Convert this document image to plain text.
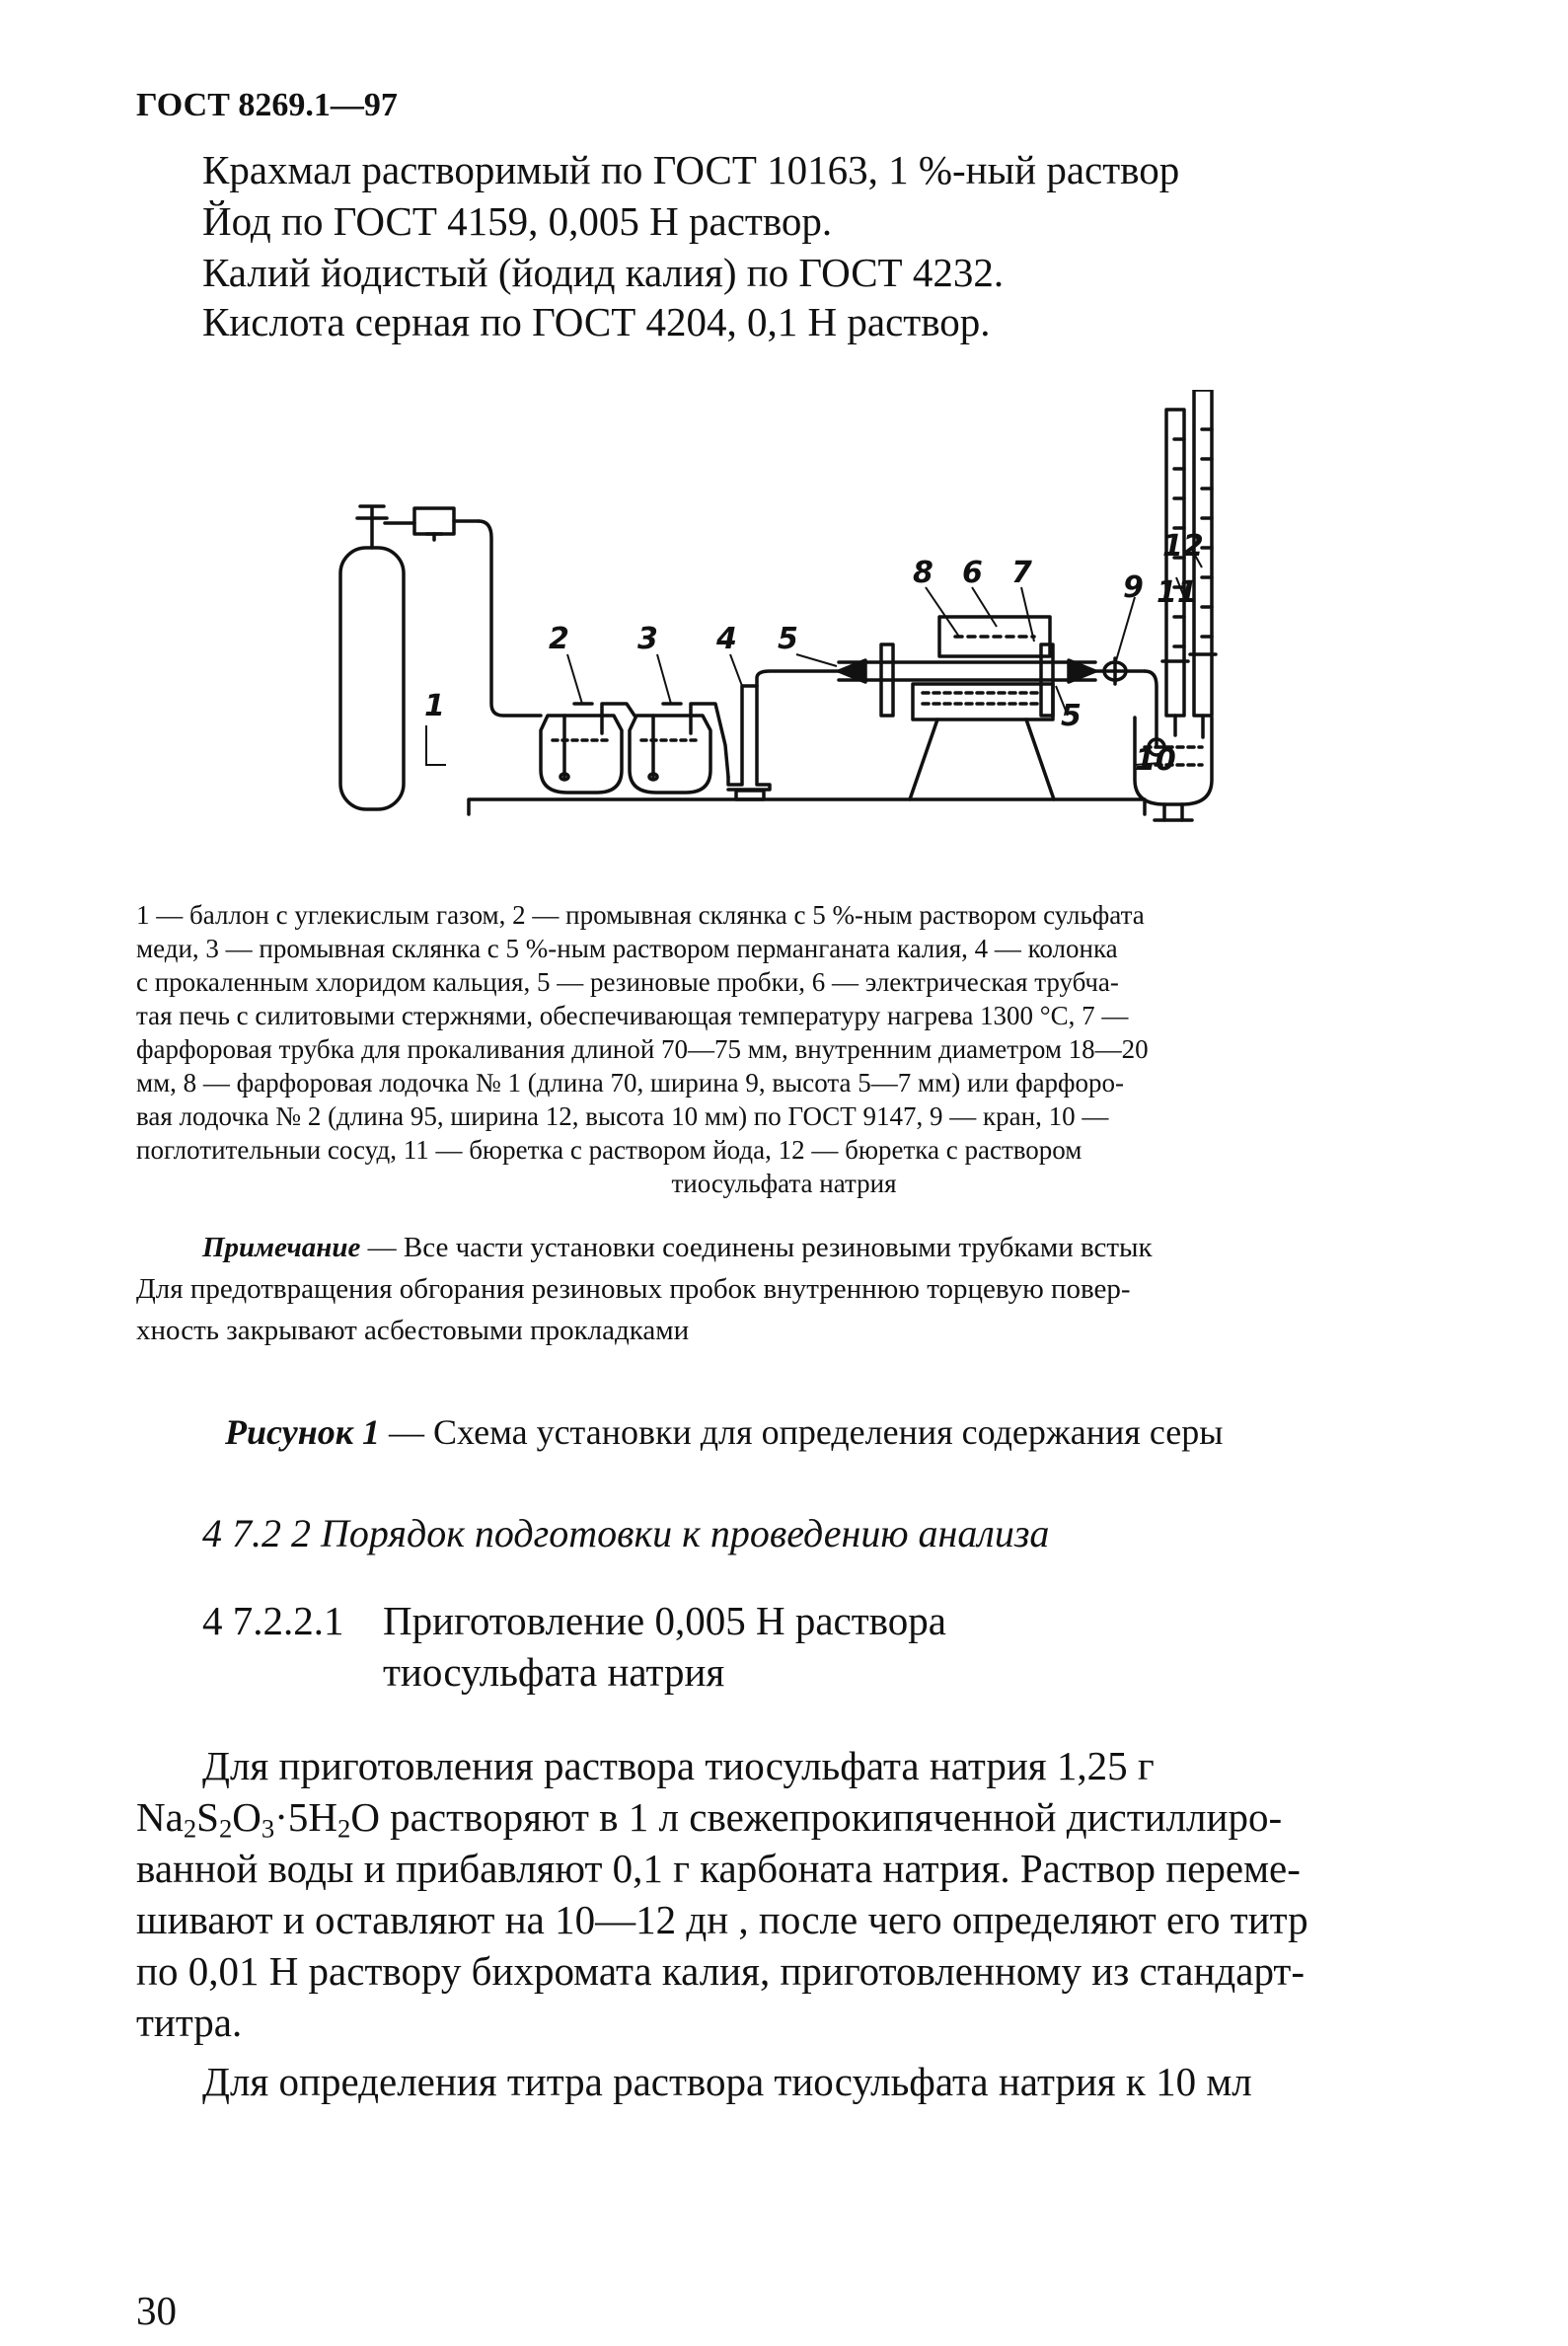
ГОСТ 8269.1—97
Крахмал растворимый по ГОСТ 10163, 1 %-ный раствор
Йод по ГОСТ 4159, 0,005 Н раствор.
Калий йодистый (йодид калия) по ГОСТ 4232.
Кислота серная по ГОСТ 4204, 0,1 Н раствор.
1
2 3 4 5
5
6 7
8	9
10
11
12
1 — баллон с углекислым газом, 2 — промывная склянка с 5 %-ным раствором сульфата
меди, 3 — промывная склянка с 5 %-ным раствором перманганата калия, 4 — колонка
с прокаленным хлоридом кальция, 5 — резиновые пробки, 6 — электрическая трубча-
тая печь с силитовыми стержнями, обеспечивающая температуру нагрева 1300 °С, 7 —
фарфоровая трубка для прокаливания длиной 70—75 мм, внутренним диаметром 18—20
мм, 8 — фарфоровая лодочка № 1 (длина 70, ширина 9, высота 5—7 мм) или фарфоро-
вая лодочка № 2 (длина 95, ширина 12, высота 10 мм) по ГОСТ 9147, 9 — кран, 10 —
поглотительныи сосуд, 11 — бюретка с раствором йода, 12 — бюретка с раствором
тиосульфата натрия
Примечание — Все части установки соединены резиновыми трубками встык
Для предотвращения обгорания резиновых пробок внутреннюю торцевую повер-
хность закрывают асбестовыми прокладками
Рисунок 1 — Схема установки для определения содержания серы
4 7.2 2 Порядок подготовки к проведению анализа
4 7.2.2.1 Приготовление 0,005 Н раствора
тиосульфата натрия
Для приготовления раствора тиосульфата натрия 1,25 г
$Na_2S_2O_3\cdot 5H_2O$ растворяют в 1 л свежепрокипяченной дистиллиро-
ванной воды и прибавляют 0,1 г карбоната натрия. Раствор переме-
шивают и оставляют на 10—12 дн , после чего определяют его титр
по 0,01 Н раствору бихромата калия, приготовленному из стандарт-
титра.
Для определения титра раствора тиосульфата натрия к 10 мл
30
